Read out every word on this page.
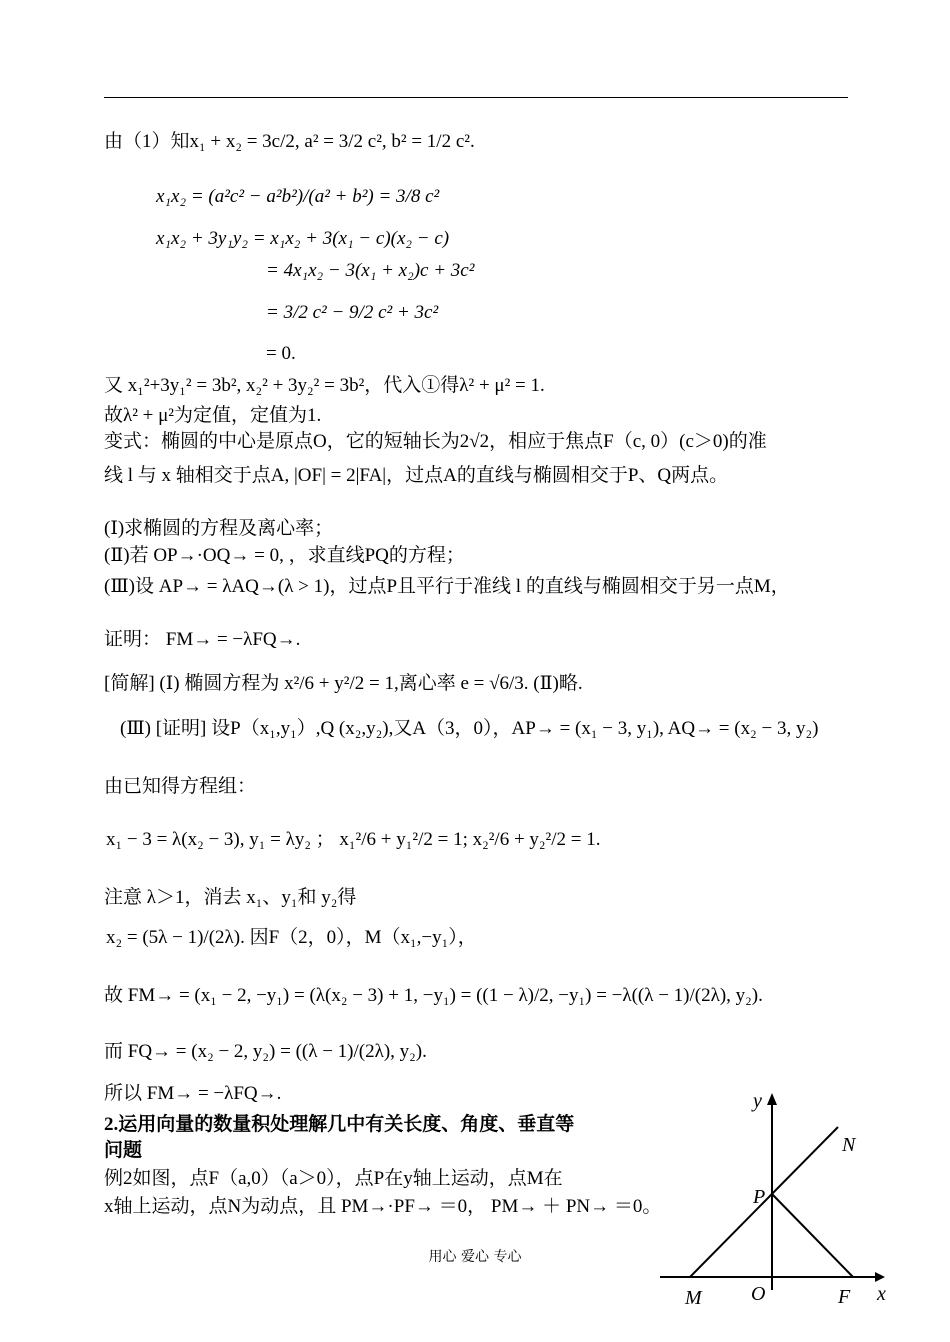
由（1）知x₁ + x₂ = 3c/2, a² = 3/2 c², b² = 1/2 c².
x₁x₂ = (a²c² − a²b²)/(a² + b²) = 3/8 c²
x₁x₂ + 3y₁y₂ = x₁x₂ + 3(x₁ − c)(x₂ − c)
= 4x₁x₂ − 3(x₁ + x₂)c + 3c²
= 3/2 c² − 9/2 c² + 3c²
= 0.
又 x₁²+3y₁² = 3b², x₂² + 3y₂² = 3b²，代入①得λ² + μ² = 1.
故λ² + μ²为定值，定值为1.
变式：椭圆的中心是原点O，它的短轴长为2√2，相应于焦点F（c, 0）(c＞0)的准
线 l 与 x 轴相交于点A, |OF| = 2|FA|，过点A的直线与椭圆相交于P、Q两点。
(Ⅰ)求椭圆的方程及离心率；
(Ⅱ)若 OP→·OQ→ = 0, ，求直线PQ的方程；
(Ⅲ)设 AP→ = λAQ→(λ > 1)，过点P且平行于准线 l 的直线与椭圆相交于另一点M，
证明： FM→ = −λFQ→.
[简解] (Ⅰ) 椭圆方程为 x²/6 + y²/2 = 1,离心率 e = √6/3. (Ⅱ)略.
(Ⅲ) [证明] 设P（x₁,y₁）,Q (x₂,y₂),又A（3，0），AP→ = (x₁ − 3, y₁), AQ→ = (x₂ − 3, y₂)
由已知得方程组：
x₁ − 3 = λ(x₂ − 3), y₁ = λy₂ ； x₁²/6 + y₁²/2 = 1; x₂²/6 + y₂²/2 = 1.
注意 λ＞1，消去 x₁、y₁和 y₂得
x₂ = (5λ − 1)/(2λ). 因F（2，0），M（x₁,−y₁），
故 FM→ = (x₁ − 2, −y₁) = (λ(x₂ − 3) + 1, −y₁) = ((1 − λ)/2, −y₁) = −λ((λ − 1)/(2λ), y₂).
而 FQ→ = (x₂ − 2, y₂) = ((λ − 1)/(2λ), y₂).
所以 FM→ = −λFQ→.
2.运用向量的数量积处理解几中有关长度、角度、垂直等
问题
例2如图，点F（a,0）（a＞0），点P在y轴上运动，点M在
x轴上运动，点N为动点，且 PM→·PF→ ＝0， PM→ ＋ PN→ ＝0。
y
x
N
P
O
M	F
用心 爱心 专心
